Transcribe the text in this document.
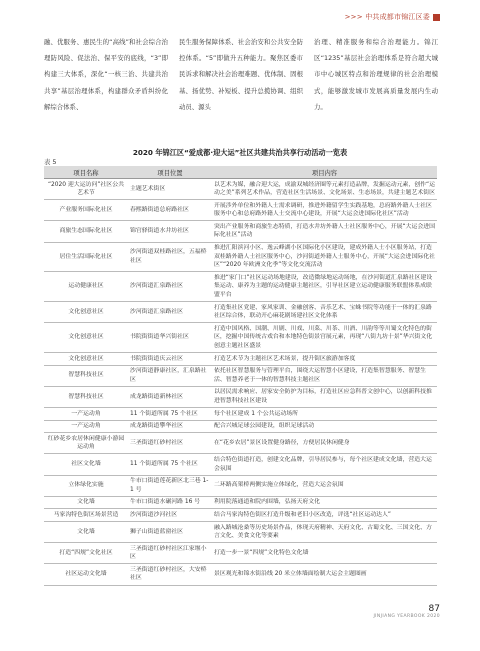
>>> 中共成都市锦江区委
融、优服务、惠民生的“高线”和社会综合治理防风险、促法治、保平安的底线，“3”即构建三大体系，深化“一核三治、共建共治共享”基层治理体系，构建群众矛盾纠纷化解综合体系、
民生服务保障体系、社会治安和公共安全防控体系。“5”即做升五种能力。聚焦区委市民诉求和解决社会治理难题、优体制、固根基、扬优势、补短板、提升总揽协调、组织动员、源头
治理、精准服务和综合治理能力。锦江区“1235”基层社会治理体系是符合超大城市中心城区特点和治理规律的社会治理模式，能够激发城市发展高质量发展内生动力。
2020 年锦江区“爱成都·迎大运”社区共建共治共享行动活动一览表
表 5
项目名称	项目位置	项目内容
“2020 迎大运访问”社区公共艺术节	主题艺术街区	以艺术为媒，融合迎大运，成渝双城经济圈等元素打造品牌，发掘运动元素，创作“运动之美”系列艺术作品，营造社区生活场景、文化场景、生态场景，共建主题艺术街区
产业服务国际化社区	春熙路街道总府路社区	开展涉外单位和外籍人士需求调研，推进外籍留学生实践基地，总府路外籍人士社区服务中心和总府路外籍人士交流中心建设，开展“大运会进国际化社区”活动
商旅生态国际化社区	锦官驿街道水井坊社区	突出产业服务和商旅生态特质，打造水井坊外籍人士社区服务中心，开展“大运会进国际化社区”活动
居住生活国际化社区	沙河街道双桂路社区，五福桥社区	推进汇阳滨河小区、逸云峰湖小区国际化小区建设，建成外籍人士小区服务站，打造双桂路外籍人士社区服务中心，沙河街道外籍人士服务中心，开展“大运会进国际化社区”“2020 年欧洲文化季”等文化交流活动
运动健康社区	沙河街道汇泉路社区	推进“家门口”社区运动场地建设，改造微绿地运动场地，在沙河街道汇泉路社区建设集运动、康养为主题的运动健康主题社区，引导社区建立运动健康服务联盟体系成联盟平台
文化创意社区	沙河街道汇泉路社区	打造集社区党建、家风家训、金融创客、音乐艺术、宝蛛书院等功能于一体的汇泉路社区综合体，联动开心麻花剧场建社区文化体系
文化创意社区	书院街街道华兴街社区	打造中国风格、国潮、川剧、川戏、川菜、川茶、川酒、川韵等等川蜀文化特色的街区，挖掘中国传统古戏台和本地特色街景宫展元素，再现“八街九坊十景”华兴街文化创意主题社区盛景
文化创意社区	书院街街道庆云社区	打造艺术节为主题社区艺术场景，提升街区旅游加客度
智慧科技社区	沙河街道静康社区，汇泉路社区	依托社区智慧服务与管理平台，围绕大运智慧小区建设，打造集智慧服务、智慧生活、智慧养老于一体的智慧科技主题社区
智慧科技社区	成龙路街道新林社区	以居民需求响应、居家安全防护为目标，打造社区应急科普文创中心，以创新科技推进智慧科技社区建设
一产运动角	11 个街道所属 75 个社区	每个社区建成 1 个公共运动场所
一产运动角	成龙路街道攀华社区	配合兴城足球公园建设，组织足球活动
红砂花乡农居休闲健康小游园运动角	三圣街道红砂村社区	在“花乡农居”景区设置健身路径，方便居民休闲健身
社区文化墙	11 个街道所属 75 个社区	结合特色街道打造，创建文化品牌，引导居民参与，每个社区建成文化墙，营造大运会氛围
立体绿化实施	牛市口街道莲花新区北三巷 1-1 号	二环路高架桥两侧实施立体绿化，营造大运会氛围
文化墙	牛市口街道水碾河路 16 号	利用院落通道和院内围墙，弘扬天府文化
马家沟特色街区场景营造	沙河街道沙河社区	结合马家沟特色街区打造升级和老旧小区改造，评选“社区运动达人”
文化墙	狮子山街道蓝窗社区	融入路城沧桑等历史场景作品，体现天府精神、天府文化、古蜀文化、三国文化、方言文化、美食文化等要素
打造“四规”文化社区	三圣街道红砂村社区江家堰小区	打造一步一景“四规”文化特色文化墙
社区运动文化墙	三圣街道红砂村社区，大安桥社区	景区观光和锦水街沿线 20 米立体墙面绘制大运会主题图画
87
JINJIANG YEARBOOK 2020
